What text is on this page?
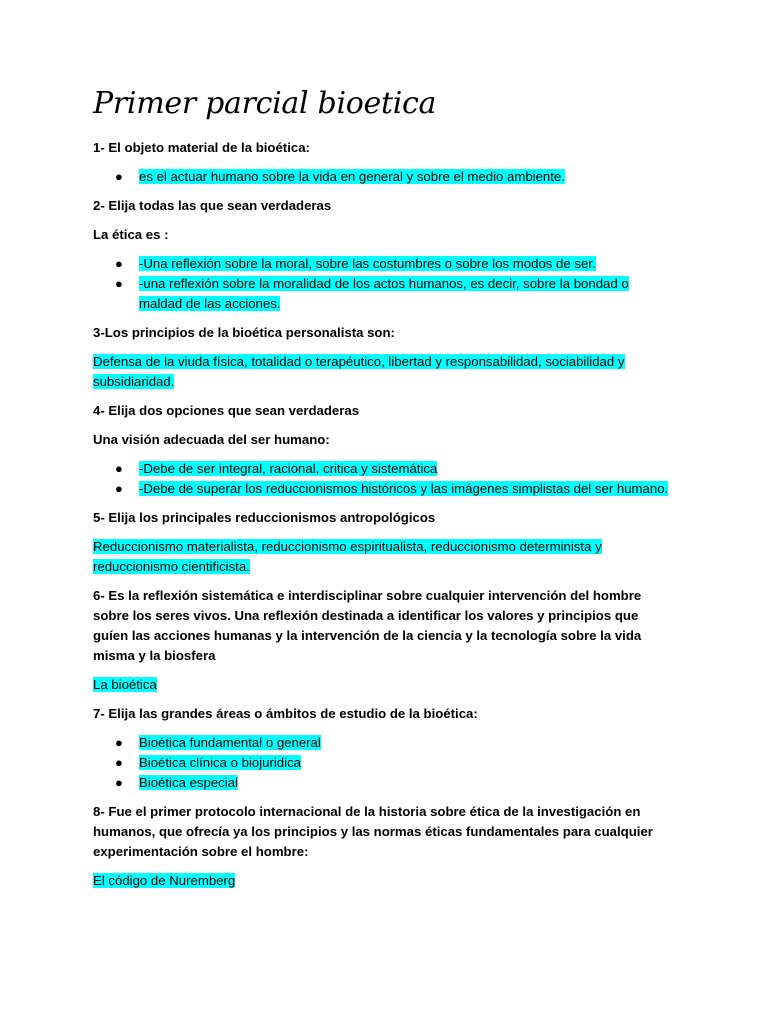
Primer parcial bioetica

1- El objeto material de la bioética:

● es el actuar humano sobre la vida en general y sobre el medio ambiente.

2- Elija todas las que sean verdaderas

La ética es :

● -Una reflexión sobre la moral, sobre las costumbres o sobre los modos de ser.
● -una reflexión sobre la moralidad de los actos humanos, es decir, sobre la bondad o maldad de las acciones.

3-Los principios de la bioética personalista son:

Defensa de la viuda física, totalidad o terapéutico, libertad y responsabilidad, sociabilidad y subsidiaridad.

4- Elija dos opciones que sean verdaderas

Una visión adecuada del ser humano:

● -Debe de ser integral, racional, critica y sistemática
● -Debe de superar los reduccionismos históricos y las imágenes simplistas del ser humano.

5- Elija los principales reduccionismos antropológicos

Reduccionismo materialista, reduccionismo espiritualista, reduccionismo determinista y reduccionismo cientificista.

6- Es la reflexión sistemática e interdisciplinar sobre cualquier intervención del hombre sobre los seres vivos. Una reflexión destinada a identificar los valores y principios que guíen las acciones humanas y la intervención de la ciencia y la tecnología sobre la vida misma y la biosfera

La bioética

7- Elija las grandes áreas o ámbitos de estudio de la bioética:

● Bioética fundamental o general
● Bioética clínica o biojuridica
● Bioética especial

8- Fue el primer protocolo internacional de la historia sobre ética de la investigación en humanos, que ofrecía ya los principios y las normas éticas fundamentales para cualquier experimentación sobre el hombre:

El código de Nuremberg
